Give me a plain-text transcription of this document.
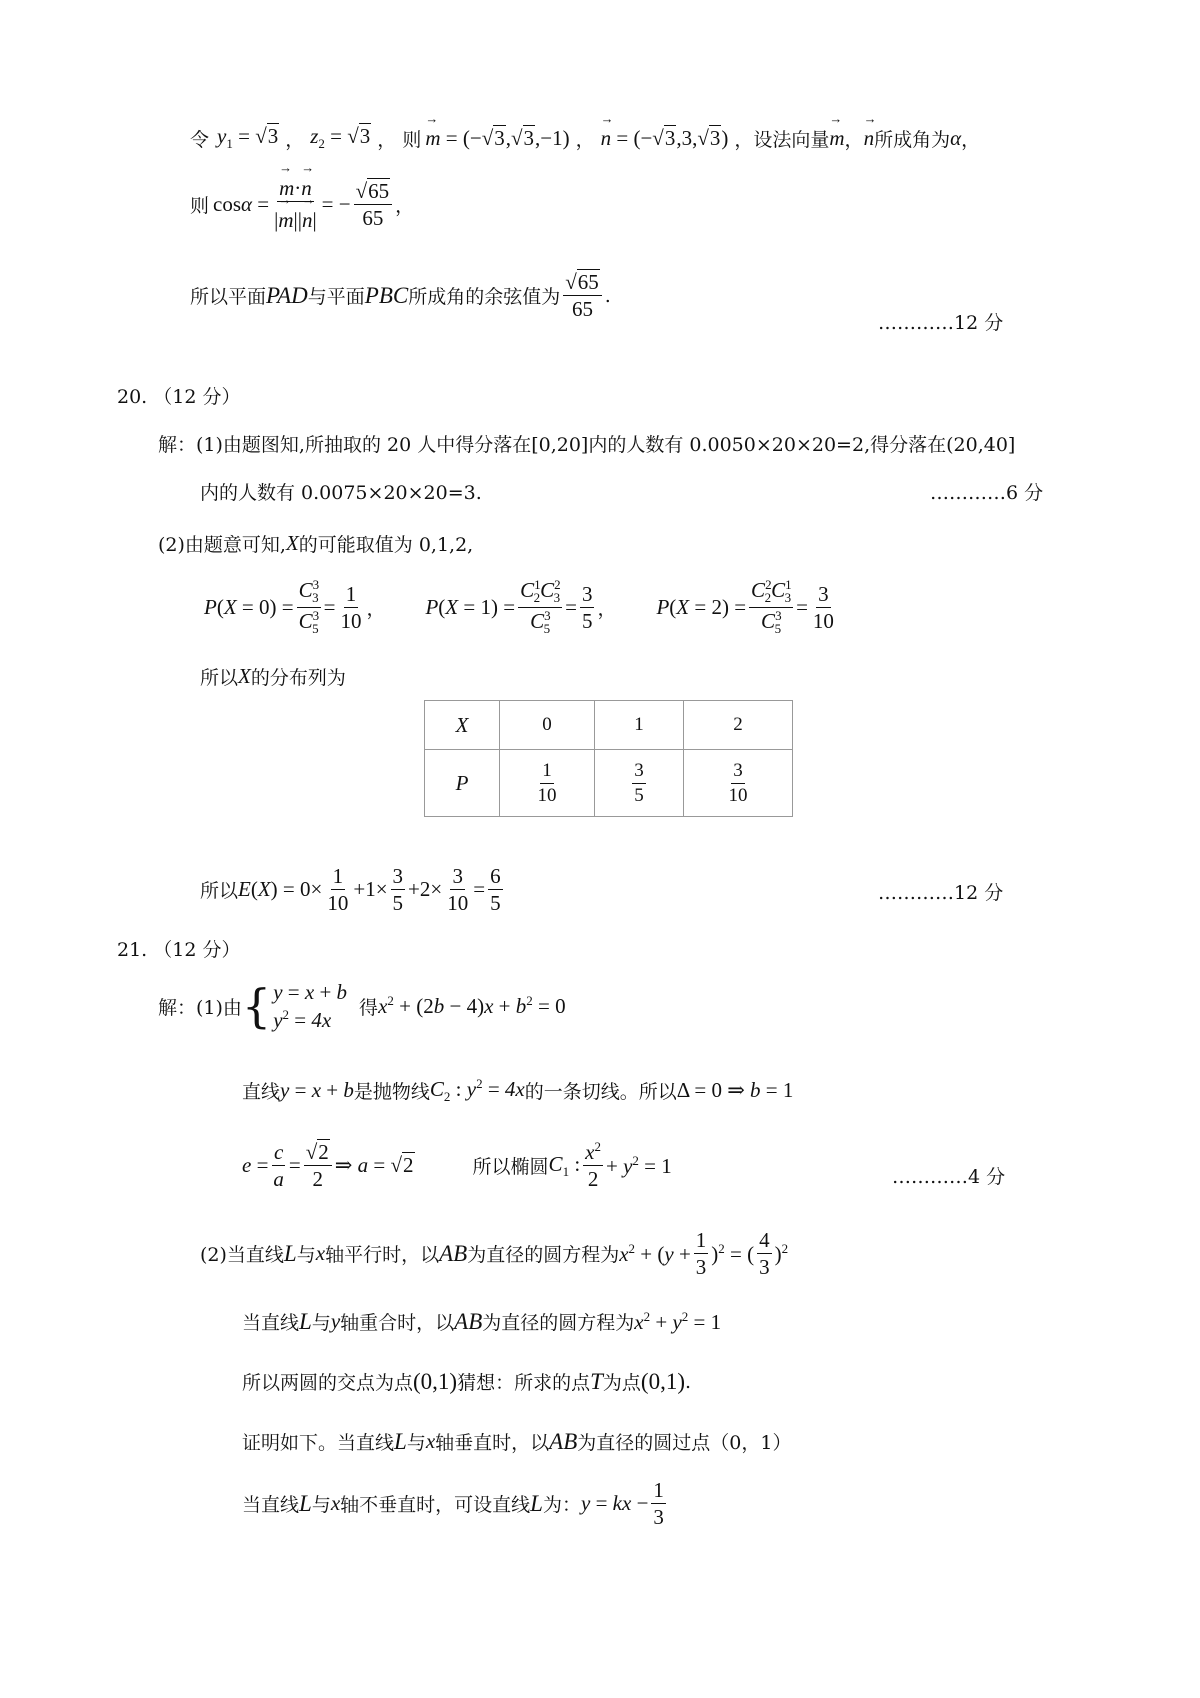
令 $y_1 = √3$ ， $z_2 = √3$ ， 则 → m = (−√3,√3,−1) ， → n = (−√3,3,√3) ，设法向量 → m ， → n 所成角为 α ，
则 cosα = → $\frac{m\cdot\to n}{|\to m||\to n|}$ = − $\frac{√65}{65}$ ，
所以平面 PAD 与平面 PBC 所成角的余弦值为 $\frac{√65}{65}$ .
…………12 分
20. （12 分）
解：(1)由题图知,所抽取的 20 人中得分落在[0,20]内的人数有 0.0050×20×20=2,得分落在(20,40]
内的人数有 0.0075×20×20=3.	…………6 分
(2)由题意可知, X 的可能取值为 0,1,2,
$P(X = 0) = \frac{C^3_3}{C^3_5} = \frac{1}{10}$ ， $P(X = 1) = \frac{C^1_2C^2_3}{C^3_5} = \frac{3}{5}$ ， $P(X = 2) = \frac{C^2_2C^1_3}{C^3_5} = \frac{3}{10}$
所以 X 的分布列为
X	0	1	2
P	$\frac{1}{10}$	$\frac{3}{5}$	$\frac{3}{10}$
所以 $E(X) = 0\times \frac{1}{10} +1\times \frac{3}{5} +2\times \frac{3}{10} = \frac{6}{5}$	…………12 分
21. （12 分）
解：(1)由 { y = x + b
$y^2 = 4x$
得 $x^2 + (2b - 4)x + b^2 = 0$
直线 y = x + b 是抛物线 $C_2$ : $y^2 = 4x$ 的一条切线。所以 Δ = 0 ⇒ b = 1
$e = \frac{c}{a} = \frac{√2}{2}$ ⇒ a = √2	所以椭圆 $C_1$ : $\frac{x^2}{2} + y^2 = 1$	…………4 分
(2)当直线 L 与 x 轴平行时，以 AB 为直径的圆方程为 $x^2 + (y + \frac{1}{3} )^2$ = ( $\frac{4}{3} )^2$
当直线 L 与 y 轴重合时，以 AB 为直径的圆方程为 $x^2 + y^2 = 1$
所以两圆的交点为点 (0,1) 猜想：所求的点 T 为点 (0,1) .
证明如下。当直线 L 与 x 轴垂直时，以 AB 为直径的圆过点（0，1）
当直线 L 与 x 轴不垂直时，可设直线 L 为： y = kx − $\frac{1}{3}$
